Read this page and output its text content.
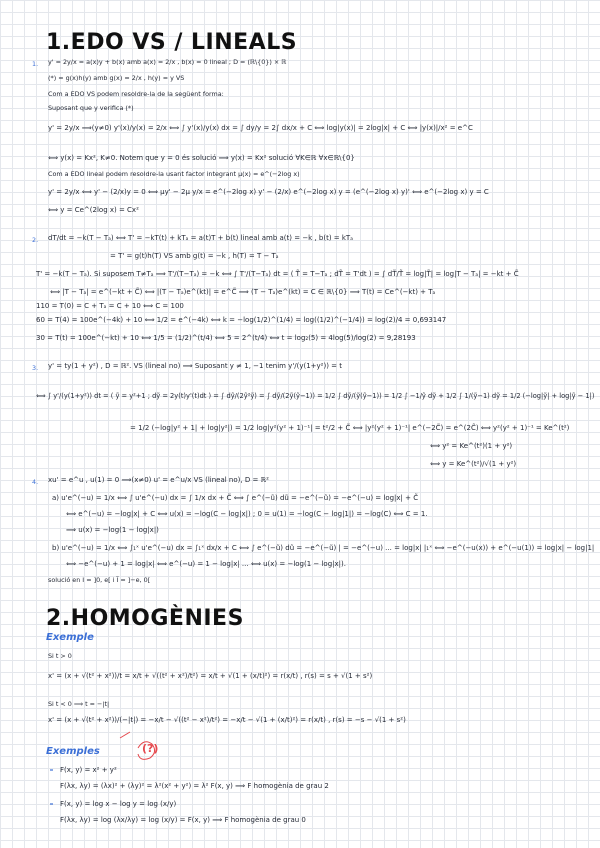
1.EDO VS / LINEALS
1. y' = 2y/x = a(x)y + b(x) amb a(x) = 2/x , b(x) = 0 lineal ; D = (ℝ\{0}) × ℝ
(*) = g(x)h(y) amb g(x) = 2/x , h(y) = y VS
Com a EDO VS podem resoldre-la de la següent forma:
Suposant que y verifica (*)
y' = 2y/x ⟹(y≠0) y'(x)/y(x) = 2/x ⟺ ∫ y'(x)/y(x) dx = ∫ dy/y = 2∫ dx/x + C ⟺ log|y(x)| = 2log|x| + C ⟺ |y(x)|/x² = e^C
⟺ y(x) = Kx², K≠0. Notem que y = 0 és solució ⟹ y(x) = Kx² solució ∀K∈ℝ ∀x∈ℝ\{0}
Com a EDO lineal podem resoldre-la usant factor integrant μ(x) = e^(−2log x)
y' = 2y/x ⟺ y' − (2/x)y = 0 ⟺ μy' − 2μ y/x = e^(−2log x) y' − (2/x) e^(−2log x) y = (e^(−2log x) y)' ⟺ e^(−2log x) y = C
⟺ y = Ce^(2log x) = Cx²
2. dT/dt = −k(T − Tₐ) ⟺ T' = −kT(t) + kTₐ = a(t)T + b(t) lineal amb a(t) = −k , b(t) = kTₐ
= T' = g(t)h(T) VS amb g(t) = −k , h(T) = T − Tₐ
T' = −k(T − Tₐ). Si suposem T≠Tₐ ⟹ T'/(T−Tₐ) = −k ⟺ ∫ T'/(T−Tₐ) dt = ( T̃ = T−Tₐ ; dT̃ = T'dt ) = ∫ dT̃/T̃ = log|T̃| = log|T − Tₐ| = −kt + C̃
⟺ |T − Tₐ| = e^(−kt + C̃) ⟺ |(T − Tₐ)e^(kt)| = e^C̃ ⟹ (T − Tₐ)e^(kt) = C ∈ ℝ\{0} ⟹ T(t) = Ce^(−kt) + Tₐ
110 = T(0) = C + Tₐ = C + 10 ⟺ C = 100
60 = T(4) = 100e^(−4k) + 10 ⟺ 1/2 = e^(−4k) ⟺ k = −log(1/2)^(1/4) = log((1/2)^(−1/4)) = log(2)/4 = 0,693147
30 = T(t) = 100e^(−kt) + 10 ⟺ 1/5 = (1/2)^(t/4) ⟺ 5 = 2^(t/4) ⟺ t = log₂(5) = 4log(5)/log(2) = 9,28193
3. y' = ty(1 + y²) , D = ℝ². VS (lineal no) ⟹ Suposant y ≠ 1, −1 tenim y'/(y(1+y²)) = t
⟺ ∫ y'/(y(1+y²)) dt = ( ỹ = y²+1 ; dỹ = 2y(t)y'(t)dt ) = ∫ dỹ/(2ỹ²ỹ) = ∫ dỹ/(2ỹ(ỹ−1)) = 1/2 ∫ dỹ/(ỹ(ỹ−1)) = 1/2 ∫ −1/ỹ dỹ + 1/2 ∫ 1/(ỹ−1) dỹ = 1/2 (−log|ỹ| + log|ỹ − 1|)
= 1/2 (−log|y² + 1| + log|y²|) = 1/2 log|y²(y² + 1)⁻¹| = t²/2 + C̃ ⟺ |y²(y² + 1)⁻¹| e^(−2C̃) = e^(2C̃) ⟺ y²(y² + 1)⁻¹ = Ke^(t²)
⟺ y² = Ke^(t²)(1 + y²)
⟺ y = Ke^(t²)/√(1 + y²)
4. xu' = e^u , u(1) = 0 ⟹(x≠0) u' = e^u/x VS (lineal no), D = ℝ²
a) u'e^(−u) = 1/x ⟺ ∫ u'e^(−u) dx = ∫ 1/x dx + C̃ ⟺ ∫ e^(−ũ) dũ = −e^(−ũ) = −e^(−u) = log|x| + C̃
⟺ e^(−u) = −log|x| + C ⟺ u(x) = −log(C − log|x|) ; 0 = u(1) = −log(C − log|1|) = −log(C) ⟺ C = 1.
⟹ u(x) = −log(1 − log|x|)
b) u'e^(−u) = 1/x ⟺ ∫₁ˣ u'e^(−u) dx = ∫₁ˣ dx/x + C ⟺ ∫ e^(−ũ) dũ = −e^(−ũ) | = −e^(−u) ... = log|x| |₁ˣ ⟺ −e^(−u(x)) + e^(−u(1)) = log|x| − log|1|
⟺ −e^(−u) + 1 = log|x| ⟺ e^(−u) = 1 − log|x| ... ⟺ u(x) = −log(1 − log|x|).
solució en I = ]0, e[ i Ĩ = ]−e, 0[
2.HOMOGÈNIES
Exemple
Si t > 0
x' = (x + √(t² + x²))/t = x/t + √((t² + x²)/t²) = x/t + √(1 + (x/t)²) = r(x/t) , r(s) = s + √(1 + s²)
Si t < 0 ⟹ t = −|t|
x' = (x + √(t² + x²))/(−|t|) = −x/t − √((t² − x²)/t²) = −x/t − √(1 + (x/t)²) = r(x/t) , r(s) = −s − √(1 + s²)
Exemples
F(x, y) = x² + y²
F(λx, λy) = (λx)² + (λy)² = λ²(x² + y²) = λ² F(x, y) ⟹ F homogènia de grau 2
F(x, y) = log x − log y = log (x/y)
F(λx, λy) = log (λx/λy) = log (x/y) = F(x, y) ⟹ F homogènia de grau 0
(?)
